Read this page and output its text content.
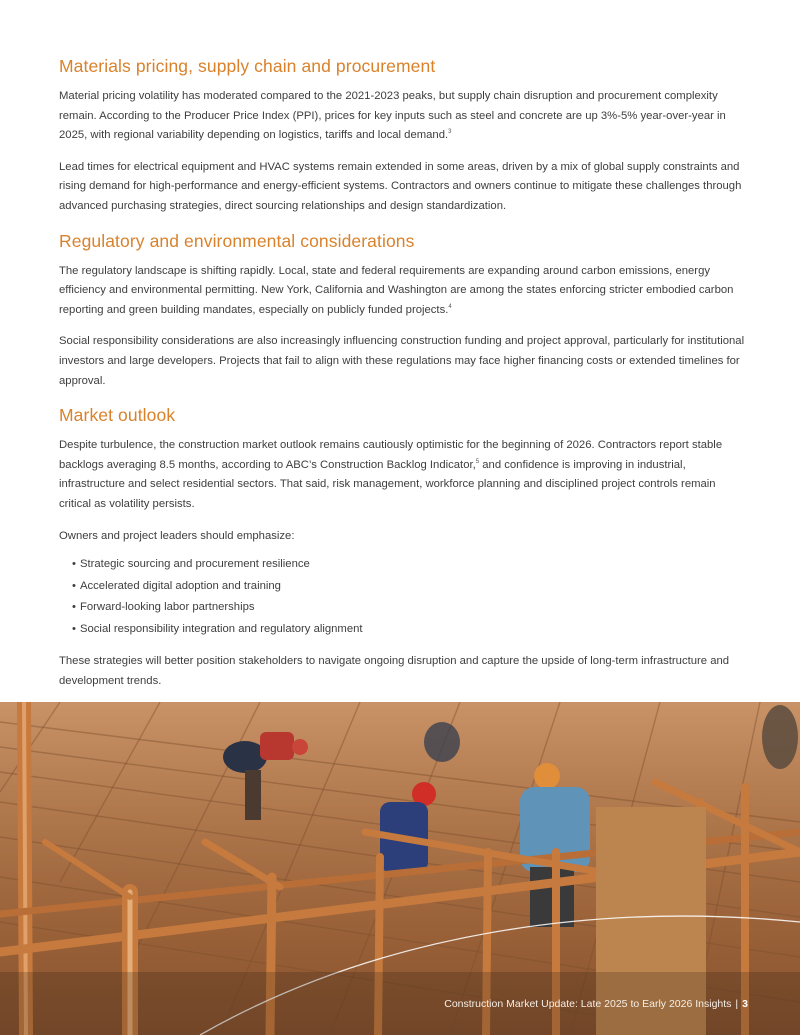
Materials pricing, supply chain and procurement

Material pricing volatility has moderated compared to the 2021-2023 peaks, but supply chain disruption and procurement complexity remain. According to the Producer Price Index (PPI), prices for key inputs such as steel and concrete are up 3%-5% year-over-year in 2025, with regional variability depending on logistics, tariffs and local demand.$^3$

Lead times for electrical equipment and HVAC systems remain extended in some areas, driven by a mix of global supply constraints and rising demand for high-performance and energy-efficient systems. Contractors and owners continue to mitigate these challenges through advanced purchasing strategies, direct sourcing relationships and design standardization.

Regulatory and environmental considerations

The regulatory landscape is shifting rapidly. Local, state and federal requirements are expanding around carbon emissions, energy efficiency and environmental permitting. New York, California and Washington are among the states enforcing stricter embodied carbon reporting and green building mandates, especially on publicly funded projects.$^4$

Social responsibility considerations are also increasingly influencing construction funding and project approval, particularly for institutional investors and large developers. Projects that fail to align with these regulations may face higher financing costs or extended timelines for approval.

Market outlook

Despite turbulence, the construction market outlook remains cautiously optimistic for the beginning of 2026. Contractors report stable backlogs averaging 8.5 months, according to ABC’s Construction Backlog Indicator,$^5$ and confidence is improving in industrial, infrastructure and select residential sectors. That said, risk management, workforce planning and disciplined project controls remain critical as volatility persists.

Owners and project leaders should emphasize:

• Strategic sourcing and procurement resilience
• Accelerated digital adoption and training
• Forward-looking labor partnerships
• Social responsibility integration and regulatory alignment

These strategies will better position stakeholders to navigate ongoing disruption and capture the upside of long-term infrastructure and development trends.

Construction Market Update: Late 2025 to Early 2026 Insights | 3
